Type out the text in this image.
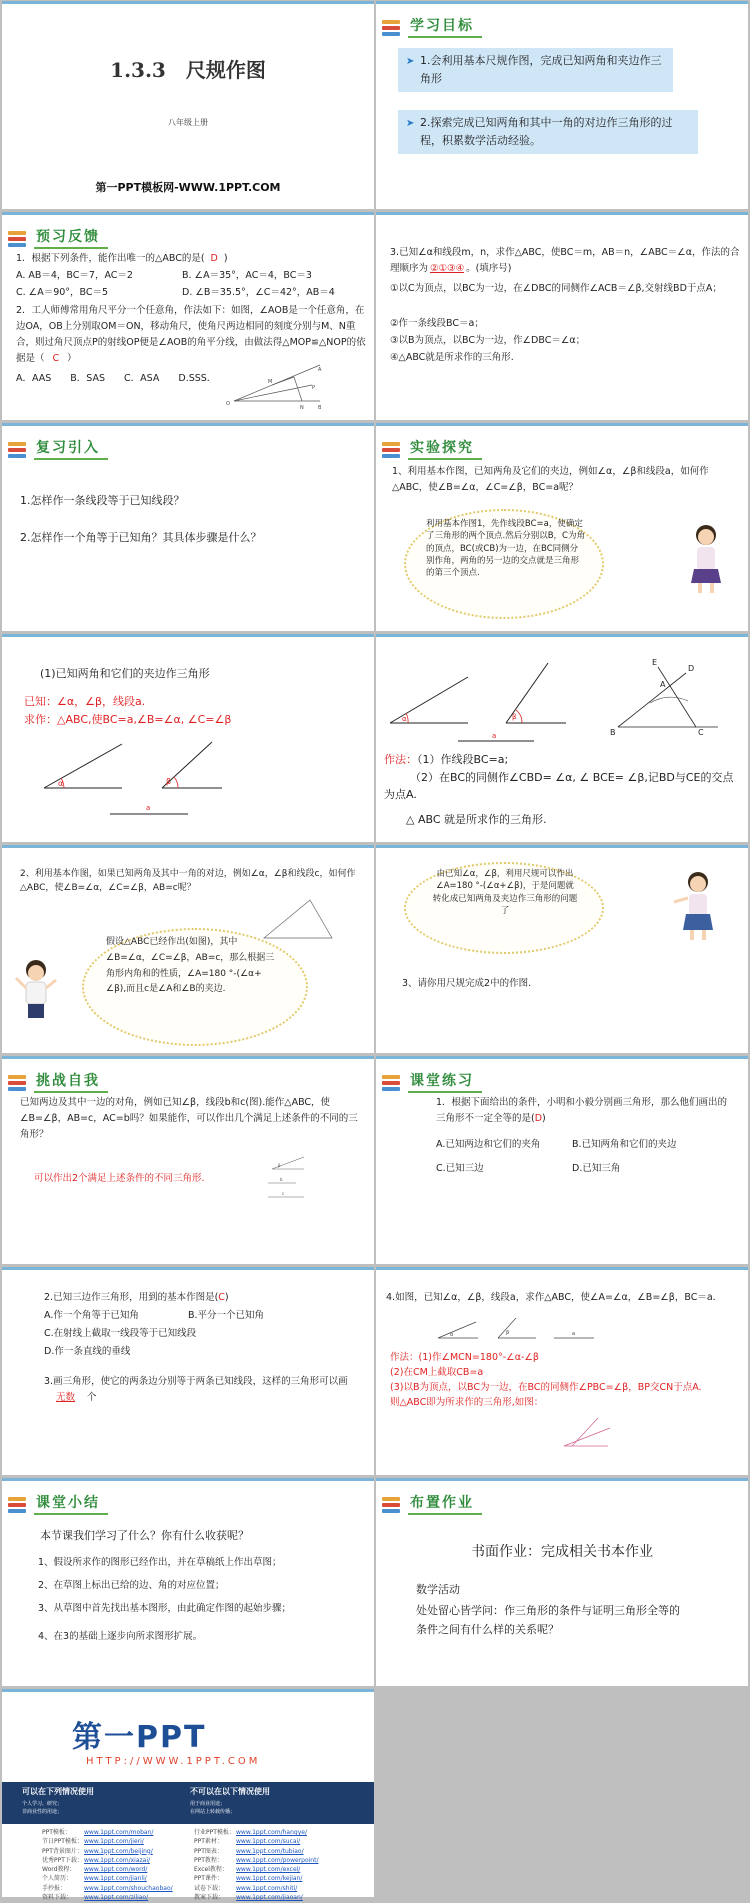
1.3.3　尺规作图
八年级上册
第一PPT模板网-WWW.1PPT.COM
学习目标
➤ 1.会利用基本尺规作图，完成已知两角和夹边作三角形
➤ 2.探索完成已知两角和其中一角的对边作三角形的过程，积累数学活动经验。
预习反馈
1．根据下列条件，能作出唯一的△ABC的是( D )
A. AB＝4，BC＝7，AC＝2	B. ∠A＝35°，AC＝4，BC＝3
C. ∠A＝90°，BC＝5	D. ∠B＝35.5°，∠C＝42°，AB＝4
2．工人师傅常用角尺平分一个任意角，作法如下：如图，∠AOB是一个任意角，在边OA，OB上分别取OM＝ON，移动角尺，使角尺两边相同的刻度分别与M、N重合，则过角尺顶点P的射线OP便是∠AOB的角平分线，由做法得△MOP≌△NOP的依据是（ C ）
A．AAS　　B．SAS　　C．ASA　　D.SSS．
O
M
N
A
B
P
3.已知∠α和线段m，n，求作△ABC，使BC＝m，AB＝n，∠ABC＝∠α，作法的合理顺序为 ②①③④ 。(填序号)
①以C为顶点，以BC为一边，在∠DBC的同侧作∠ACB＝∠β,交射线BD于点A；
②作一条线段BC＝a；
③以B为顶点，以BC为一边，作∠DBC＝∠α；
④△ABC就是所求作的三角形.
复习引入
1.怎样作一条线段等于已知线段？
2.怎样作一个角等于已知角？其具体步骤是什么？
实验探究
1、利用基本作图，已知两角及它们的夹边，例如∠α，∠β和线段a，如何作△ABC，使∠B=∠α，∠C=∠β，BC=a呢？
利用基本作图1，先作线段BC=a，使确定了三角形的两个顶点.然后分别以B，C为角的顶点，BC(或CB)为一边，在BC同侧分别作角，两角的另一边的交点就是三角形的第三个顶点.
(1)已知两角和它们的夹边作三角形
已知：∠α，∠β，线段a.
求作：△ABC,使BC=a,∠B=∠α, ∠C=∠β
α	β
a
α	β
a	B	C
A
D
E
作法：（1）作线段BC=a;
（2）在BC的同侧作∠CBD= ∠α, ∠ BCE= ∠β,记BD与CE的交点为点A.
△ ABC 就是所求作的三角形.
2、利用基本作图，如果已知两角及其中一角的对边，例如∠α，∠β和线段c，如何作△ABC，使∠B=∠α，∠C=∠β，AB=c呢？
假设△ABC已经作出(如图)，其中∠B=∠α，∠C=∠β，AB=c，那么根据三角形内角和的性质，∠A=180 °-(∠α+ ∠β),而且c是∠A和∠B的夹边.
由已知∠α，∠β，利用尺规可以作出∠A=180 °-(∠α+∠β)，于是问题就转化成已知两角及夹边作三角形的问题了
3、请你用尺规完成2中的作图.
挑战自我
已知两边及其中一边的对角，例如已知∠β，线段b和c(图).能作△ABC，使∠B=∠β，AB=c，AC=b吗？如果能作，可以作出几个满足上述条件的不同的三角形？
可以作出2个满足上述条件的不同三角形.
β
b
c
课堂练习
1．根据下面给出的条件，小明和小毅分别画三角形，那么他们画出的三角形不一定全等的是(D)
A.已知两边和它们的夹角	B.已知两角和它们的夹边
C.已知三边	D.已知三角
2.已知三边作三角形，用到的基本作图是(C)
A.作一个角等于已知角	B.平分一个已知角
C.在射线上截取一线段等于已知线段
D.作一条直线的垂线
3.画三角形，使它的两条边分别等于两条已知线段，这样的三角形可以画无数 个
4.如图，已知∠α，∠β，线段a，求作△ABC，使∠A=∠α，∠B=∠β，BC＝a.
α	β	a
作法：(1)作∠MCN=180°-∠α-∠β
(2)在CM上截取CB=a
(3)以B为顶点，以BC为一边，在BC的同侧作∠PBC=∠β，BP交CN于点A.
则△ABC即为所求作的三角形,如图：
课堂小结
本节课我们学习了什么？你有什么收获呢？
1、假设所求作的图形已经作出，并在草稿纸上作出草图；
2、在草图上标出已给的边、角的对应位置；
3、从草图中首先找出基本图形，由此确定作图的起始步骤；
4、在3的基础上逐步向所求图形扩展。
布置作业
书面作业：完成相关书本作业
数学活动
处处留心皆学问：作三角形的条件与证明三角形全等的条件之间有什么样的关系呢？
第一PPT
HTTP://WWW.1PPT.COM
可以在下列情况使用
个人学习、研究；
非商业性的用途；
不可以在以下情况使用
用于商业用途；
在网站上转载传播；
PPT模板： www.1ppt.com/moban/
节日PPT模板：www.1ppt.com/jieri/
PPT背景图片：www.1ppt.com/beijing/
优秀PPT下载：www.1ppt.com/xiazai/
Word教程： www.1ppt.com/word/
个人简历： www.1ppt.com/jianli/
手抄报：	www.1ppt.com/shouchaobao/
资料下载： www.1ppt.com/ziliao/
行业PPT模板：www.1ppt.com/hangye/
PPT素材： www.1ppt.com/sucai/
PPT图表： www.1ppt.com/tubiao/
PPT教程： www.1ppt.com/powerpoint/
Excel教程： www.1ppt.com/excel/
PPT课件： www.1ppt.com/kejian/
试卷下载： www.1ppt.com/shiti/
教案下载： www.1ppt.com/jiaoan/
